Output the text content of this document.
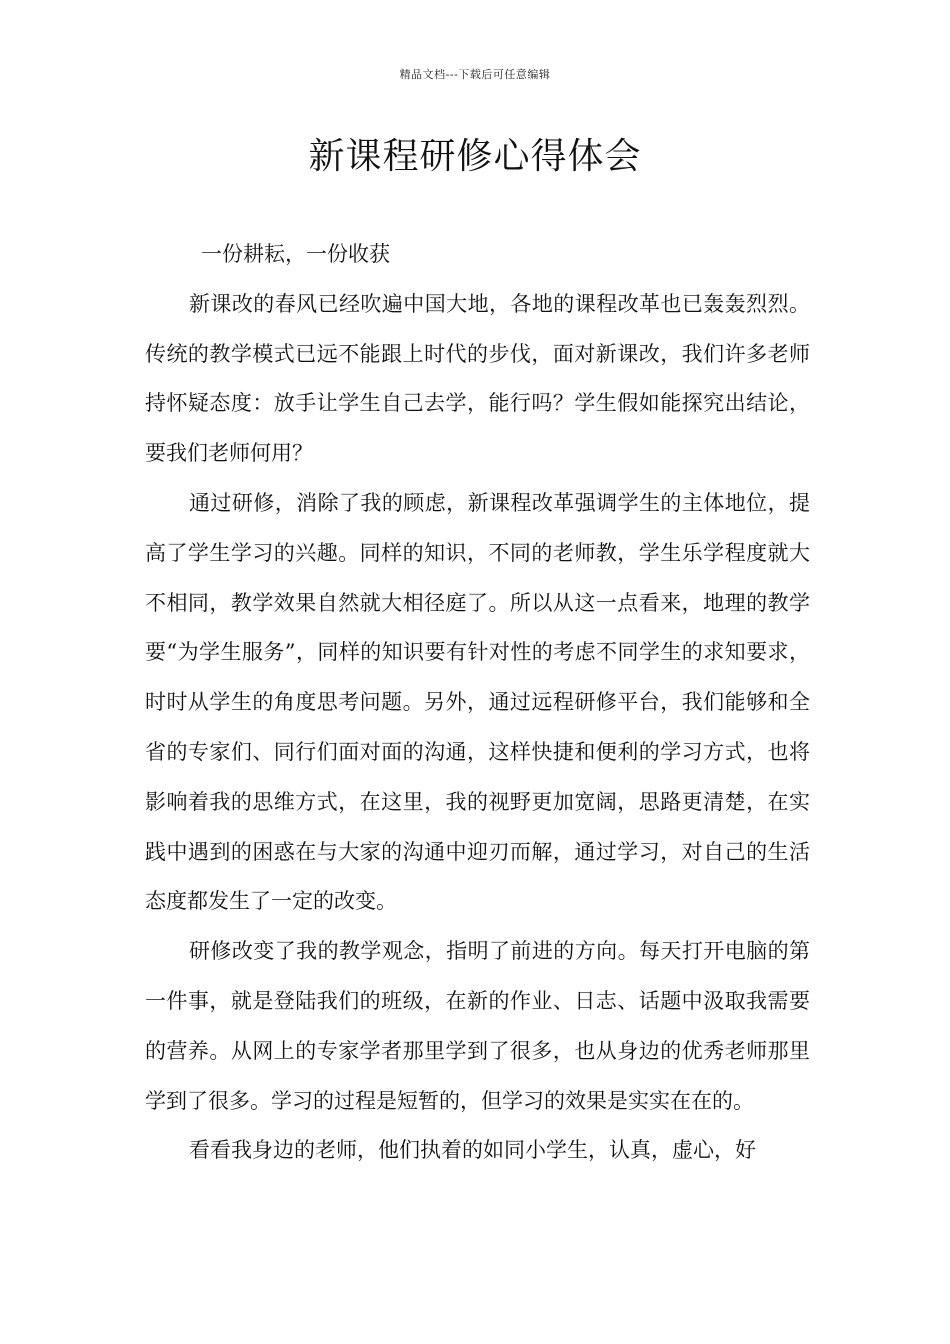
精品文档---下载后可任意编辑
新课程研修心得体会

一份耕耘，一份收获

新课改的春风已经吹遍中国大地，各地的课程改革也已轰轰烈烈。传统的教学模式已远不能跟上时代的步伐，面对新课改，我们许多老师持怀疑态度：放手让学生自己去学，能行吗？学生假如能探究出结论，要我们老师何用？

通过研修，消除了我的顾虑，新课程改革强调学生的主体地位，提高了学生学习的兴趣。同样的知识，不同的老师教，学生乐学程度就大不相同，教学效果自然就大相径庭了。所以从这一点看来，地理的教学要“为学生服务”，同样的知识要有针对性的考虑不同学生的求知要求，时时从学生的角度思考问题。另外，通过远程研修平台，我们能够和全省的专家们、同行们面对面的沟通，这样快捷和便利的学习方式，也将影响着我的思维方式，在这里，我的视野更加宽阔，思路更清楚，在实践中遇到的困惑在与大家的沟通中迎刃而解，通过学习，对自己的生活态度都发生了一定的改变。

研修改变了我的教学观念，指明了前进的方向。每天打开电脑的第一件事，就是登陆我们的班级，在新的作业、日志、话题中汲取我需要的营养。从网上的专家学者那里学到了很多，也从身边的优秀老师那里学到了很多。学习的过程是短暂的，但学习的效果是实实在在的。

看看我身边的老师，他们执着的如同小学生，认真，虚心，好
